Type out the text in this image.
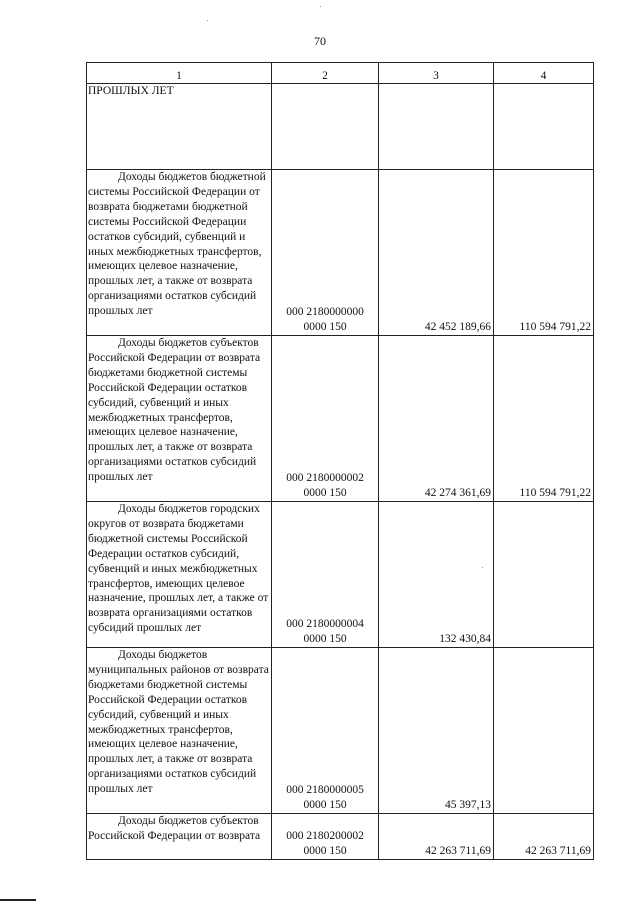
70
1	2	3	4
ПРОШЛЫХ ЛЕТ	

Доходы бюджетов бюджетной системы Российской Федерации от возврата бюджетами бюджетной системы Российской Федерации остатков субсидий, субвенций и иных межбюджетных трансфертов, имеющих целевое назначение, прошлых лет, а также от возврата организациями остатков субсидий прошлых лет	000 2180000000
0000 150	42 452 189,66	110 594 791,22

Доходы бюджетов субъектов Российской Федерации от возврата бюджетами бюджетной системы Российской Федерации остатков субсидий, субвенций и иных межбюджетных трансфертов, имеющих целевое назначение, прошлых лет, а также от возврата организациями остатков субсидий прошлых лет	000 2180000002
0000 150	42 274 361,69	110 594 791,22

Доходы бюджетов городских округов от возврата бюджетами бюджетной системы Российской Федерации остатков субсидий, субвенций и иных межбюджетных трансфертов, имеющих целевое назначение, прошлых лет, а также от возврата организациями остатков субсидий прошлых лет	000 2180000004
0000 150	132 430,84	

Доходы бюджетов муниципальных районов от возврата бюджетами бюджетной системы Российской Федерации остатков субсидий, субвенций и иных межбюджетных трансфертов, имеющих целевое назначение, прошлых лет, а также от возврата организациями остатков субсидий прошлых лет	000 2180000005
0000 150	45 397,13	

Доходы бюджетов субъектов Российской Федерации от возврата	000 2180200002
0000 150	42 263 711,69	42 263 711,69
